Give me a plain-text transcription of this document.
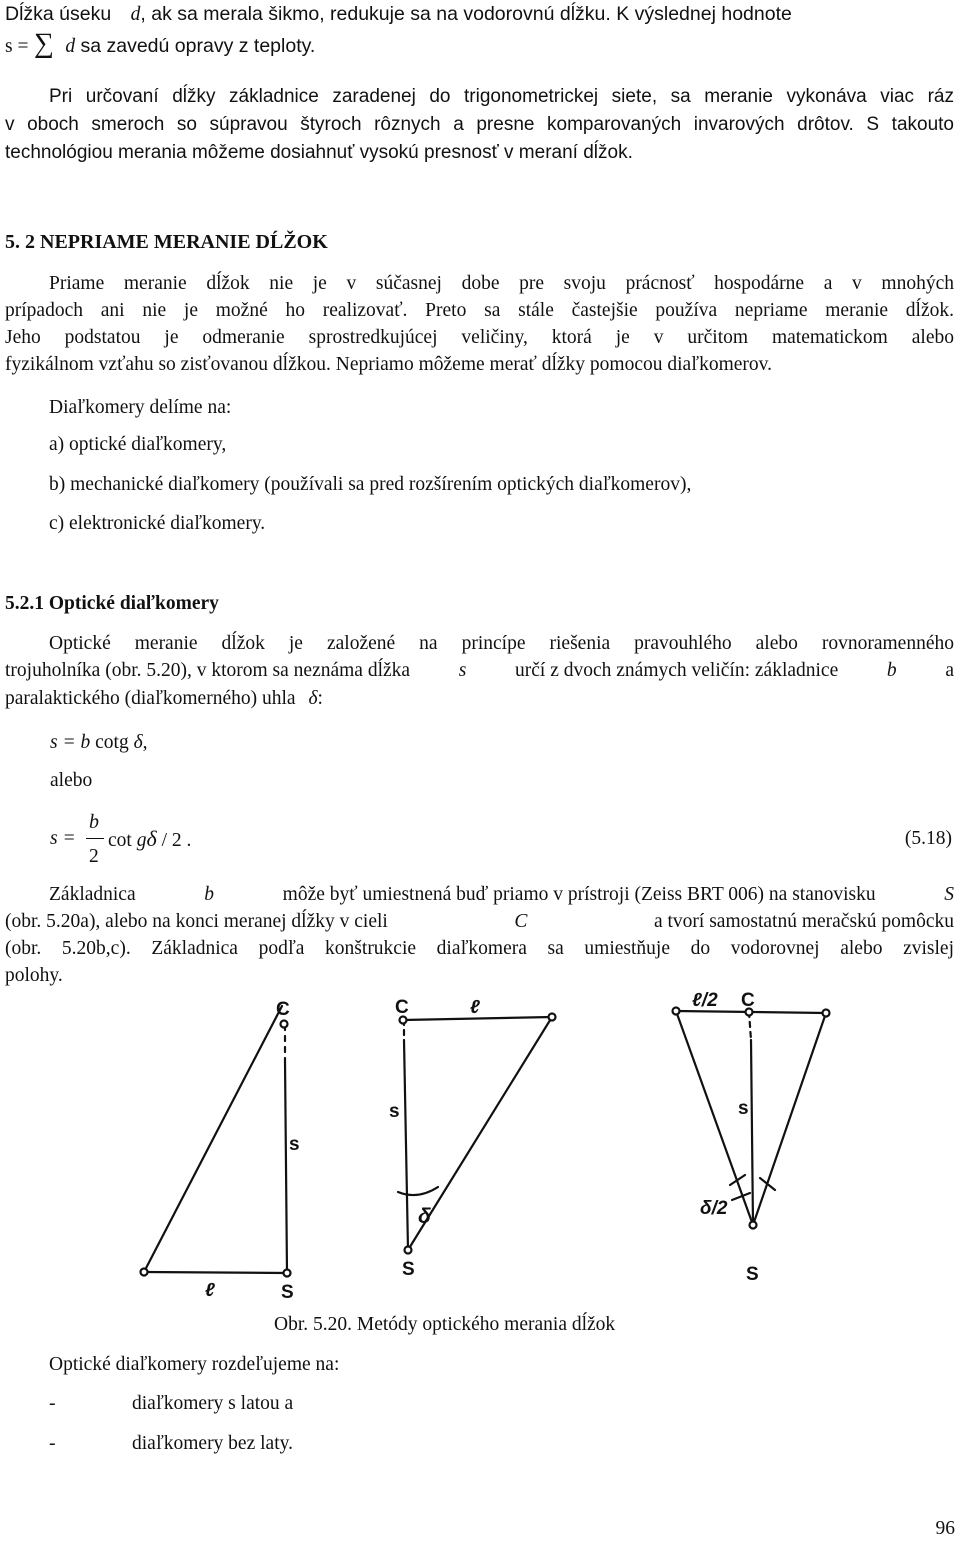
Dĺžka úseku d, ak sa merala šikmo, redukuje sa na vodorovnú dĺžku. K výslednej hodnote
s = ∑ d sa zavedú opravy z teploty.
Pri určovaní dĺžky základnice zaradenej do trigonometrickej siete, sa meranie vykonáva viac ráz
v oboch smeroch so súpravou štyroch rôznych a presne komparovaných invarových drôtov. S takouto
technológiou merania môžeme dosiahnuť vysokú presnosť v meraní dĺžok.
5. 2 NEPRIAME MERANIE DĹŽOK
Priame meranie dĺžok nie je v súčasnej dobe pre svoju prácnosť hospodárne a v mnohých
prípadoch ani nie je možné ho realizovať. Preto sa stále častejšie používa nepriame meranie dĺžok.
Jeho podstatou je odmeranie sprostredkujúcej veličiny, ktorá je v určitom matematickom alebo
fyzikálnom vzťahu so zisťovanou dĺžkou. Nepriamo môžeme merať dĺžky pomocou diaľkomerov.
Diaľkomery delíme na:
a) optické diaľkomery,
b) mechanické diaľkomery (používali sa pred rozšírením optických diaľkomerov),
c) elektronické diaľkomery.
5.2.1 Optické diaľkomery
Optické meranie dĺžok je založené na princípe riešenia pravouhlého alebo rovnoramenného
trojuholníka (obr. 5.20), v ktorom sa neznáma dĺžka s určí z dvoch známych veličín: základnice b a
paralaktického (diaľkomerného) uhla δ:
s = b cotg δ,
alebo
s =
b
2
cot gδ / 2 .	(5.18)
Základnica	b	môže byť umiestnená buď priamo v prístroji (Zeiss BRT 006) na stanovisku	S
(obr. 5.20a), alebo na konci meranej dĺžky v cieli	C	a tvorí samostatnú meračskú pomôcku
(obr. 5.20b,c). Základnica podľa konštrukcie diaľkomera sa umiestňuje do vodorovnej alebo zvislej
polohy.
C
s
S
ℓ
C	ℓ
s
δ
S
ℓ/2 C
s
δ/2
S
Obr. 5.20. Metódy optického merania dĺžok
Optické diaľkomery rozdeľujeme na:
-	diaľkomery s latou a
-	diaľkomery bez laty.
96
